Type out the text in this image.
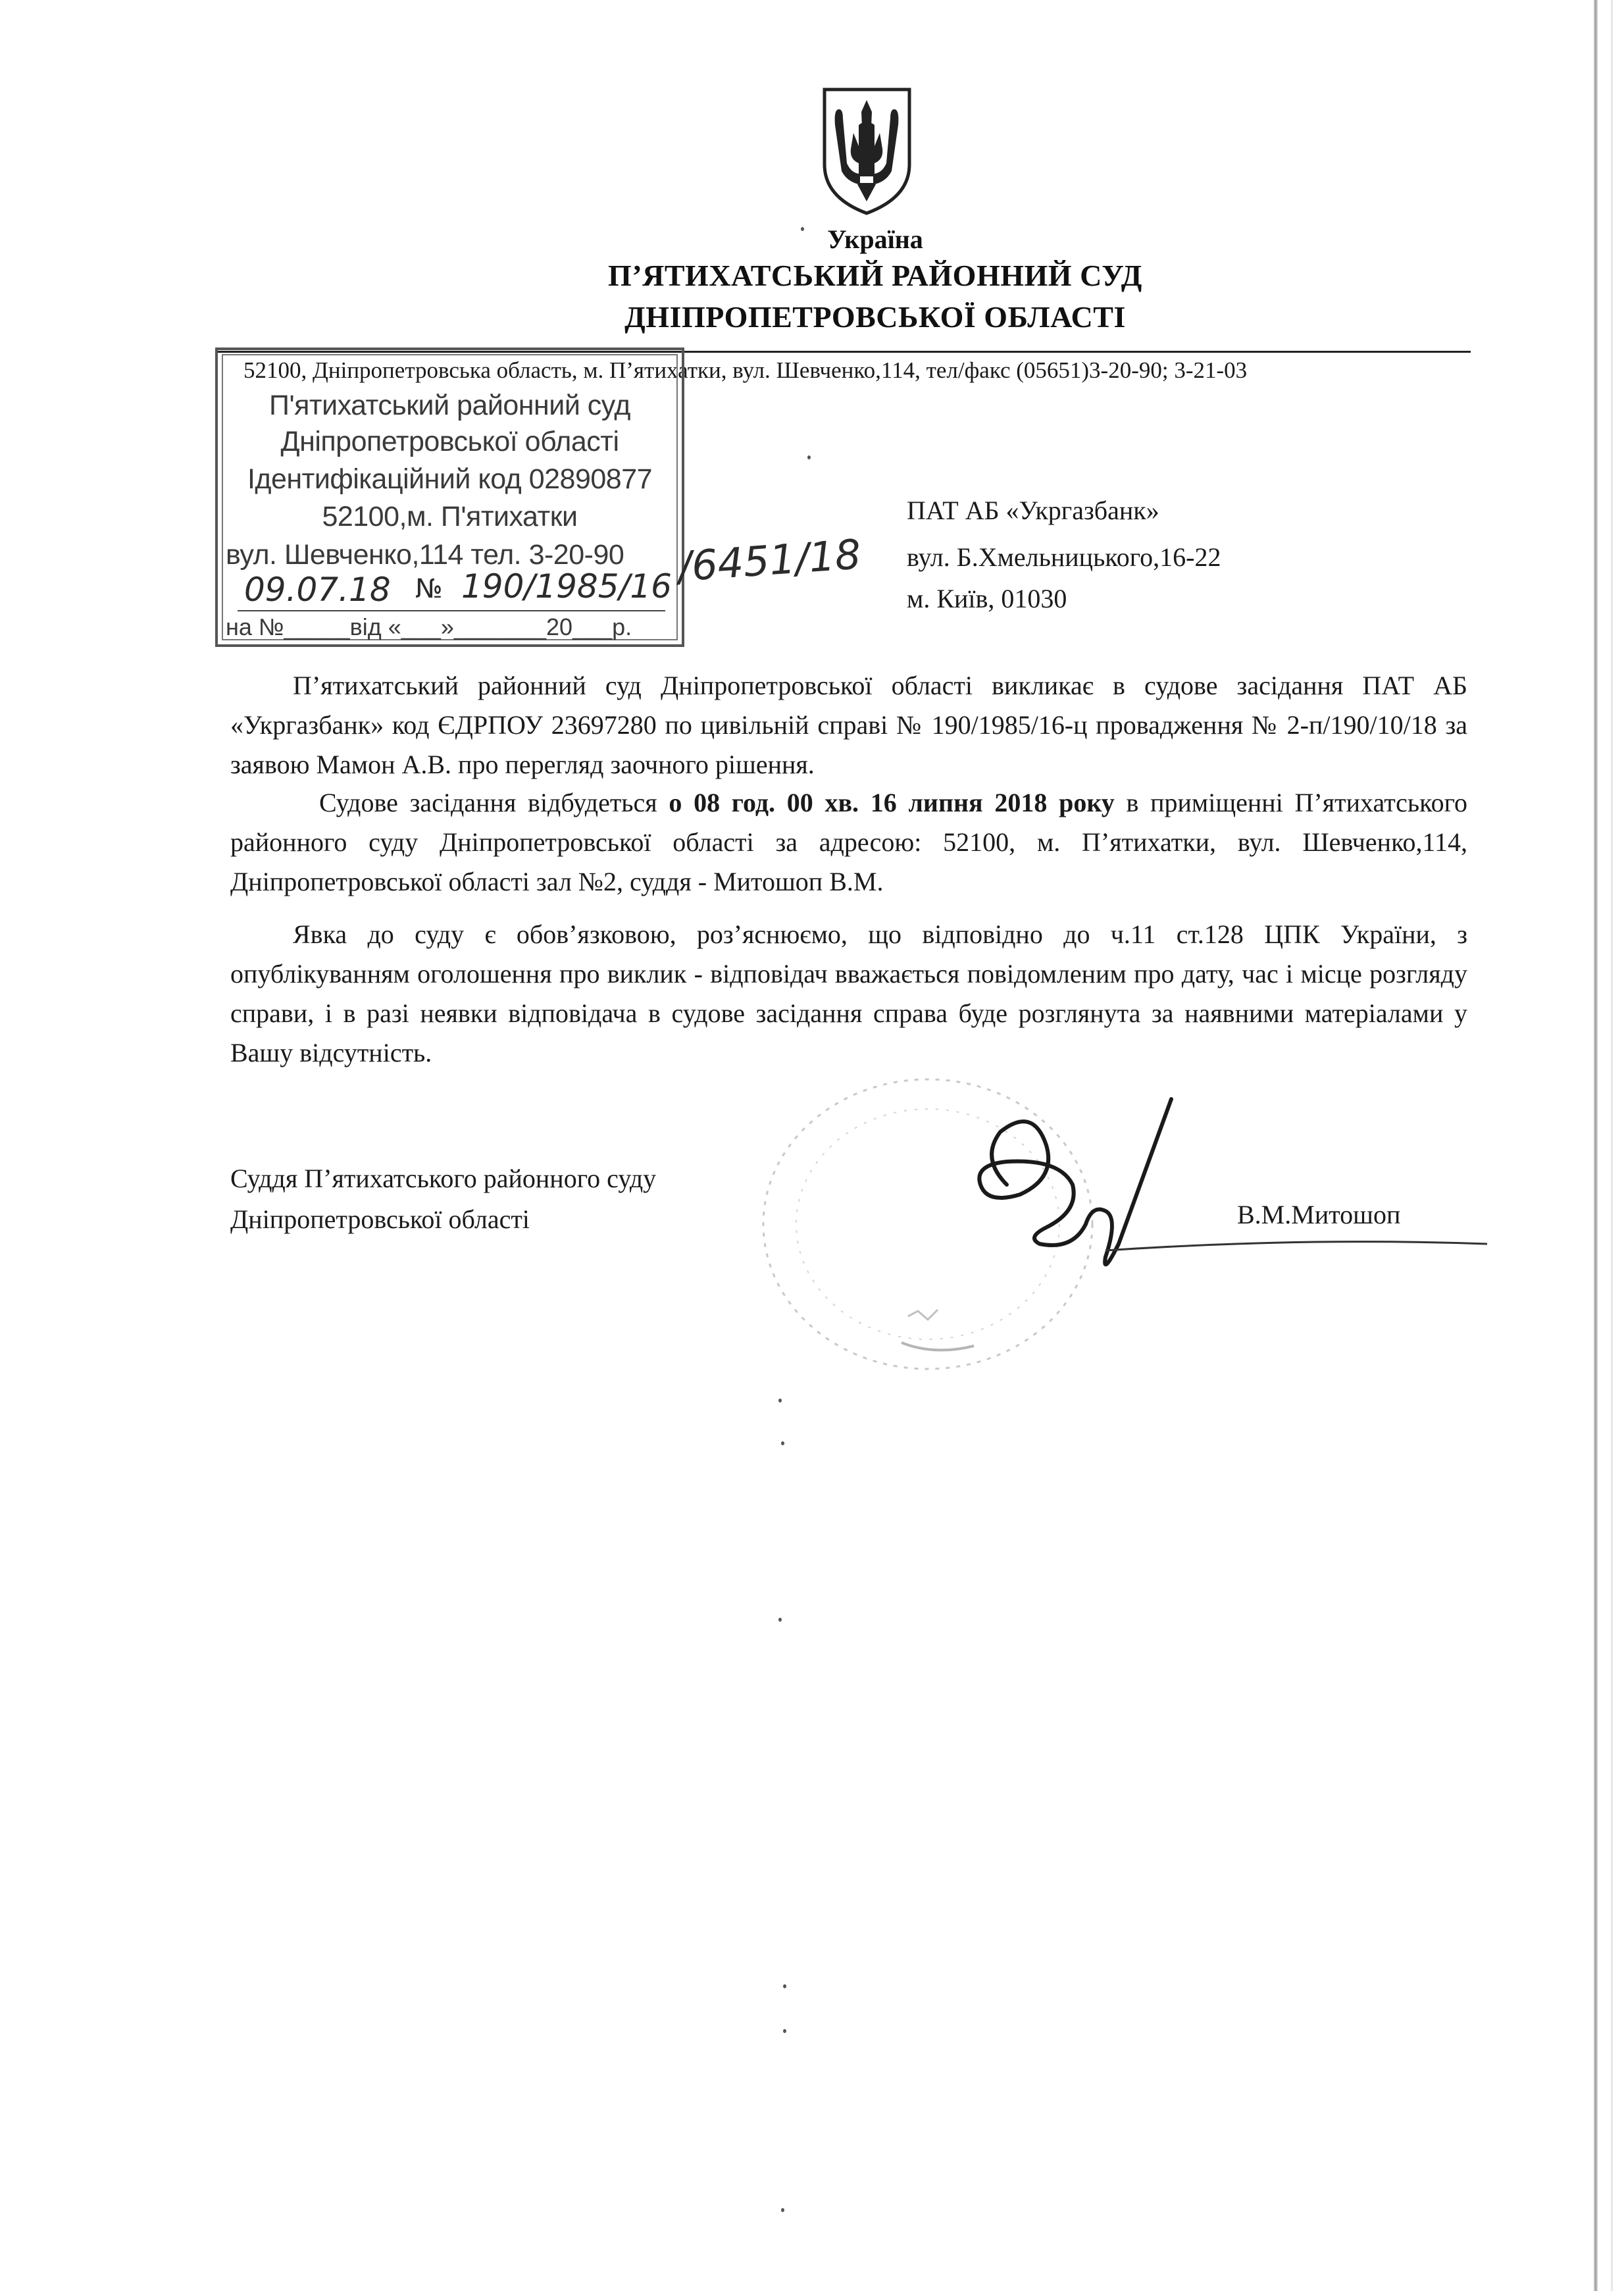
Україна
П’ЯТИХАТСЬКИЙ РАЙОННИЙ СУД
ДНІПРОПЕТРОВСЬКОЇ ОБЛАСТІ
52100, Дніпропетровська область, м. П’ятихатки, вул. Шевченко,114, тел/факс (05651)3-20-90; 3-21-03
П'ятихатський районний суд
Дніпропетровської області
Ідентифікаційний код 02890877
52100,м. П'ятихатки
вул. Шевченко,114 тел. 3-20-90
09.07.18 № 190/1985/16
на №_____від «___»_______20___р.
/6451/18
ПАТ АБ «Укргазбанк»
вул. Б.Хмельницького,16-22
м. Київ, 01030
П’ятихатський районний суд Дніпропетровської області викликає в судове засідання ПАТ АБ «Укргазбанк» код ЄДРПОУ 23697280 по цивільній справі № 190/1985/16-ц провадження № 2-п/190/10/18 за заявою Мамон А.В. про перегляд заочного рішення.
Судове засідання відбудеться о 08 год. 00 хв. 16 липня 2018 року в приміщенні П’ятихатського районного суду Дніпропетровської області за адресою: 52100, м. П’ятихатки, вул. Шевченко,114, Дніпропетровської області зал №2, суддя - Митошоп В.М.
Явка до суду є обов’язковою, роз’яснюємо, що відповідно до ч.11 ст.128 ЦПК України, з опублікуванням оголошення про виклик - відповідач вважається повідомленим про дату, час і місце розгляду справи, і в разі неявки відповідача в судове засідання справа буде розглянута за наявними матеріалами у Вашу відсутність.
Суддя П’ятихатського районного суду
Дніпропетровської області	В.М.Митошоп
